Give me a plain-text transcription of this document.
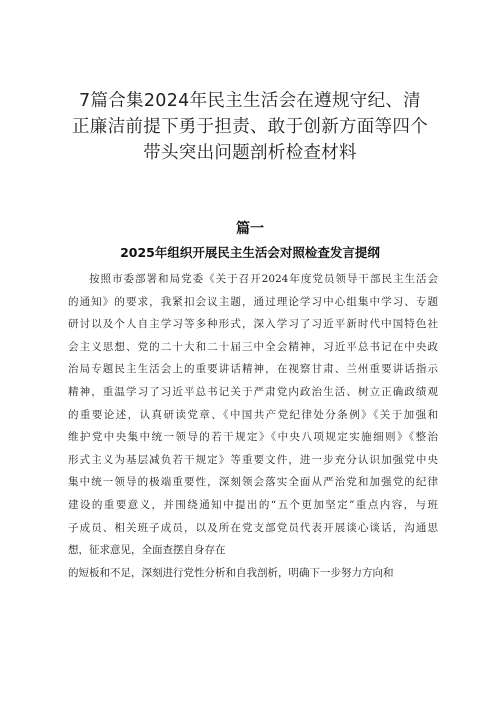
7篇合集2024年民主生活会在遵规守纪、清
正廉洁前提下勇于担责、敢于创新方面等四个
带头突出问题剖析检查材料
篇一
2025年组织开展民主生活会对照检查发言提纲
按照市委部署和局党委《关于召开2024年度党员领导干部民主生活会
的通知》的要求，我紧扣会议主题，通过理论学习中心组集中学习、专题
研讨以及个人自主学习等多种形式，深入学习了习近平新时代中国特色社
会主义思想、党的二十大和二十届三中全会精神，习近平总书记在中央政
治局专题民主生活会上的重要讲话精神，在视察甘肃、兰州重要讲话指示
精神，重温学习了习近平总书记关于严肃党内政治生活、树立正确政绩观
的重要论述，认真研读党章、《中国共产党纪律处分条例》《关于加强和
维护党中央集中统一领导的若干规定》《中央八项规定实施细则》《整治
形式主义为基层减负若干规定》等重要文件，进一步充分认识加强党中央
集中统一领导的极端重要性，深刻领会落实全面从严治党和加强党的纪律
建设的重要意义，并围绕通知中提出的“五个更加坚定”重点内容，与班
子成员、相关班子成员，以及所在党支部党员代表开展谈心谈话，沟通思
想，征求意见，全面查摆自身存在
的短板和不足，深刻进行党性分析和自我剖析，明确下一步努力方向和
